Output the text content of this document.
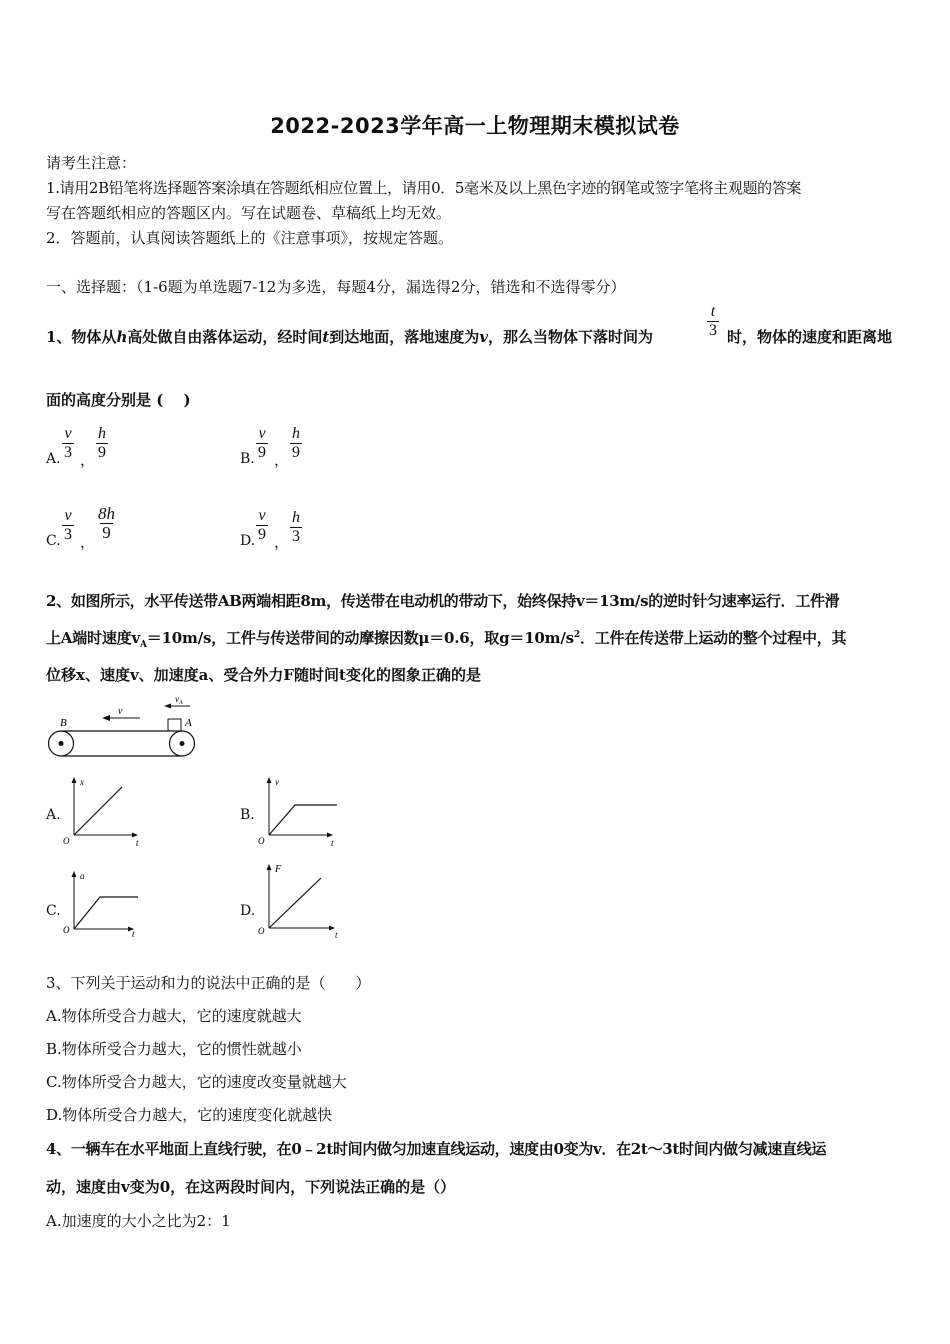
2022-2023学年高一上物理期末模拟试卷
请考生注意：
1.请用2B铅笔将选择题答案涂填在答题纸相应位置上，请用0．5毫米及以上黑色字迹的钢笔或签字笔将主观题的答案
写在答题纸相应的答题区内。写在试题卷、草稿纸上均无效。
2．答题前，认真阅读答题纸上的《注意事项》，按规定答题。
一、选择题：（1-6题为单选题7-12为多选，每题4分，漏选得2分，错选和不选得零分）
1、物体从h高处做自由落体运动，经时间t到达地面，落地速度为v，那么当物体下落时间为	$\frac{t}{3}$ 时，物体的速度和距离地
面的高度分别是 (　 )
A. $\frac{v}{3}$ ， $\frac{h}{9}$	B. $\frac{v}{9}$ ， $\frac{h}{9}$
C. $\frac{v}{3}$ ， $\frac{8h}{9}$	D. $\frac{v}{9}$ ， $\frac{h}{3}$
2、如图所示，水平传送带AB两端相距8m，传送带在电动机的带动下，始终保持v＝13m/s的逆时针匀速率运行．工件滑
上A端时速度$v_A=10m/s$，工件与传送带间的动摩擦因数μ＝0.6，取$g=10m/s^2$．工件在传送带上运动的整个过程中，其
位移x、速度v、加速度a、受合外力F随时间t变化的图象正确的是
B	A
v
$v_A$
A.
x
t
O
B.
v
t
O
C.
a
t
O
D.
F
t
O
3、下列关于运动和力的说法中正确的是（　　）
A.物体所受合力越大，它的速度就越大
B.物体所受合力越大，它的惯性就越小
C.物体所受合力越大，它的速度改变量就越大
D.物体所受合力越大，它的速度变化就越快
4、一辆车在水平地面上直线行驶，在0﹣2t时间内做匀加速直线运动，速度由0变为v．在2t～3t时间内做匀减速直线运
动，速度由v变为0，在这两段时间内，下列说法正确的是（）
A.加速度的大小之比为2：1
